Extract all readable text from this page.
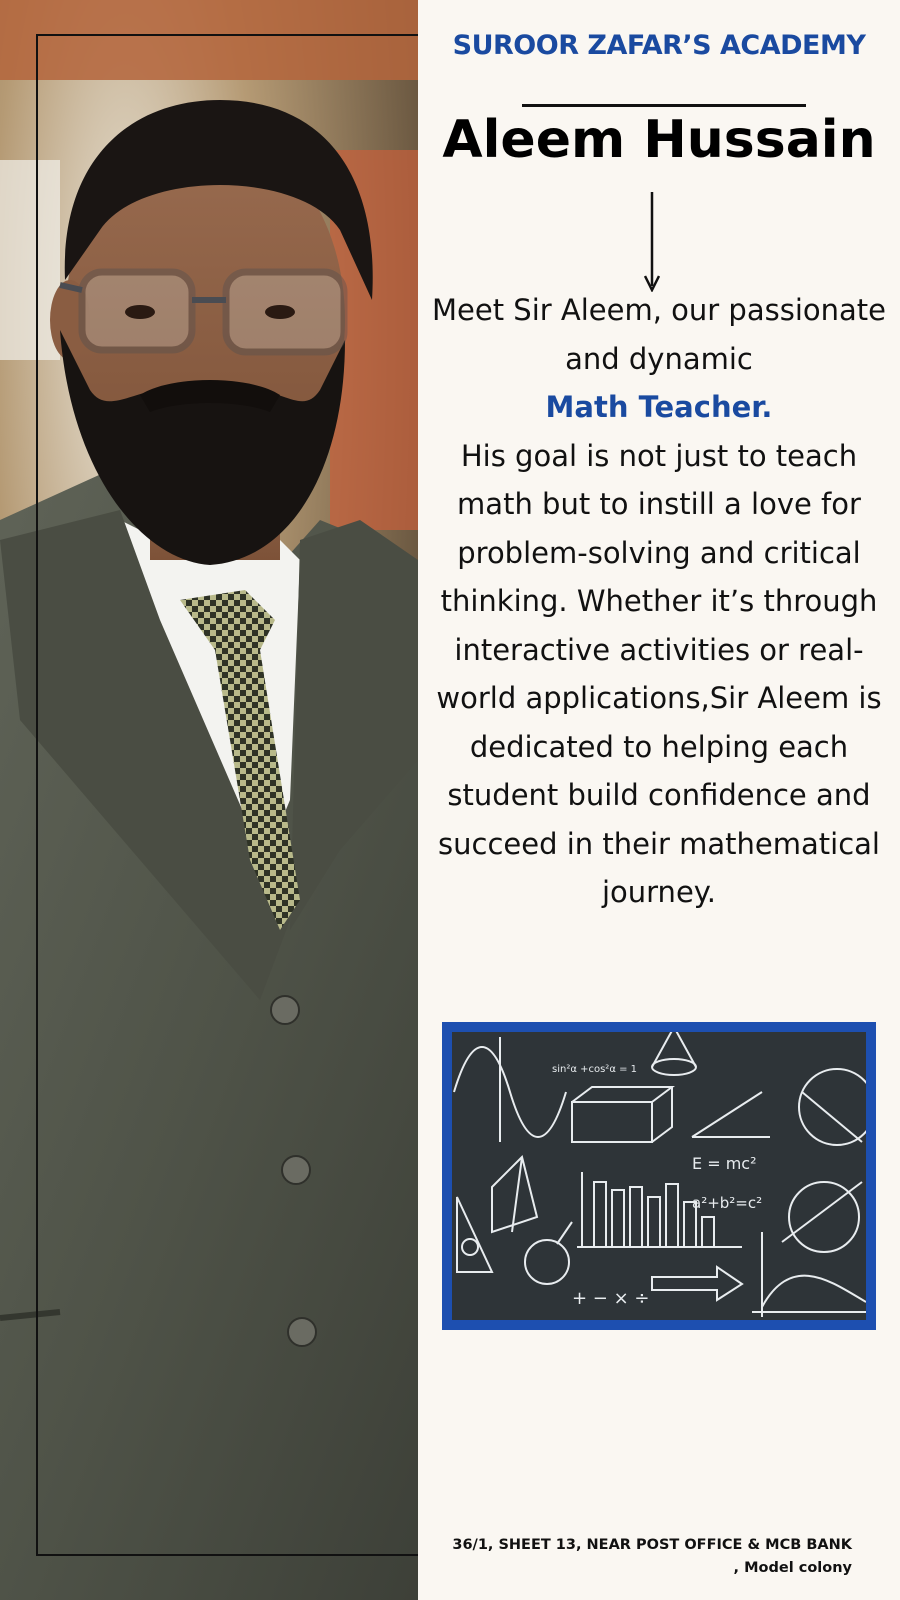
SUROOR ZAFAR’S ACADEMY
Aleem Hussain
Meet Sir Aleem, our passionate and dynamic
Math Teacher.
His goal is not just to teach math but to instill a love for problem-solving and critical thinking. Whether it’s through interactive activities or real-world applications,Sir Aleem is dedicated to helping each student build confidence and succeed in their mathematical journey.
E = mc²
a²+b²=c²
sin²α +cos²α = 1
+ − × ÷
36/1, SHEET 13, NEAR POST OFFICE & MCB BANK
, Model colony
